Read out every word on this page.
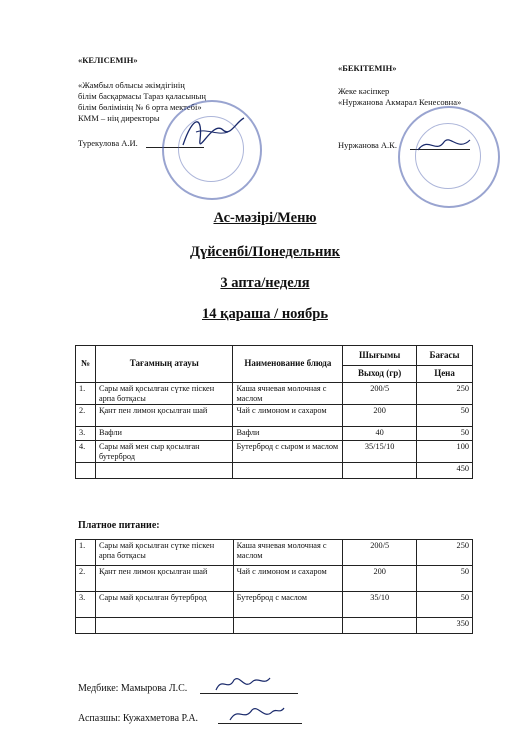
«КЕЛІСЕМІН»
«Жамбыл облысы әкімдігінің
білім басқармасы Тараз қаласының
білім бөлімінің № 6 орта мектебі»
КММ – нің директоры
Турекулова А.И.
«БЕКІТЕМІН»
Жеке кәсіпкер
«Нуржанова Акмарал Кенесовна»
Нуржанова А.К.
Ас-мәзірі/Меню
Дүйсенбі/Понедельник
3 апта/неделя
14 қараша / ноябрь
№	Тағамның атауы	Наименование блюда	Шығымы	Бағасы
			Выход (гр)	Цена
1.	Сары май қосылған сүтке піскен арпа ботқасы	Каша ячневая молочная с маслом	200/5	250
2.	Қант пен лимон қосылған шай	Чай с лимоном и сахаром	200	50
3.	Вафли	Вафли	40	50
4.	Сары май мен сыр қосылған бутерброд	Бутерброд с сыром и маслом	35/15/10	100
				450
Платное питание:
1.	Сары май қосылған сүтке піскен арпа ботқасы	Каша ячневая молочная с маслом	200/5	250
2.	Қант пен лимон қосылған шай	Чай с лимоном и сахаром	200	50
3.	Сары май қосылған бутерброд	Бутерброд с маслом	35/10	50
				350
Медбике: Мамырова Л.С.
Аспазшы: Кужахметова Р.А.
